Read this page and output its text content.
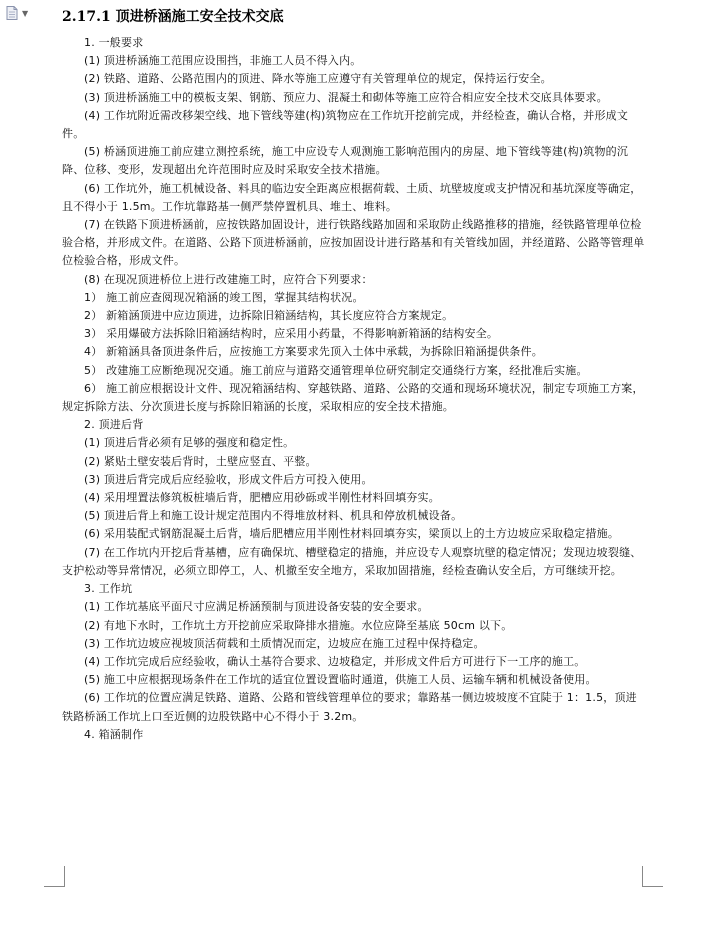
▼ 2.17.1 顶进桥涵施工安全技术交底

1. 一般要求

(1) 顶进桥涵施工范围应设围挡，非施工人员不得入内。

(2) 铁路、道路、公路范围内的顶进、降水等施工应遵守有关管理单位的规定，保持运行安全。

(3) 顶进桥涵施工中的模板支架、钢筋、预应力、混凝土和砌体等施工应符合相应安全技术交底具体要求。

(4) 工作坑附近需改移架空线、地下管线等建(构)筑物应在工作坑开挖前完成，并经检查，确认合格，并形成文件。

(5) 桥涵顶进施工前应建立测控系统，施工中应设专人观测施工影响范围内的房屋、地下管线等建(构)筑物的沉降、位移、变形，发现超出允许范围时应及时采取安全技术措施。

(6) 工作坑外，施工机械设备、料具的临边安全距离应根据荷载、土质、坑壁坡度或支护情况和基坑深度等确定，且不得小于 1.5m。工作坑靠路基一侧严禁停置机具、堆土、堆料。

(7) 在铁路下顶进桥涵前，应按铁路加固设计，进行铁路线路加固和采取防止线路推移的措施，经铁路管理单位检验合格，并形成文件。在道路、公路下顶进桥涵前，应按加固设计进行路基和有关管线加固，并经道路、公路等管理单位检验合格，形成文件。

(8) 在现况顶进桥位上进行改建施工时，应符合下列要求：

1） 施工前应查阅现况箱涵的竣工图，掌握其结构状况。

2） 新箱涵顶进中应边顶进，边拆除旧箱涵结构，其长度应符合方案规定。

3） 采用爆破方法拆除旧箱涵结构时，应采用小药量，不得影响新箱涵的结构安全。

4） 新箱涵具备顶进条件后，应按施工方案要求先顶入土体中承载，为拆除旧箱涵提供条件。

5） 改建施工应断绝现况交通。施工前应与道路交通管理单位研究制定交通绕行方案，经批准后实施。

6） 施工前应根据设计文件、现况箱涵结构、穿越铁路、道路、公路的交通和现场环境状况，制定专项施工方案，规定拆除方法、分次顶进长度与拆除旧箱涵的长度，采取相应的安全技术措施。

2. 顶进后背

(1) 顶进后背必须有足够的强度和稳定性。

(2) 紧贴土壁安装后背时，土壁应竖直、平整。

(3) 顶进后背完成后应经验收，形成文件后方可投入使用。

(4) 采用埋置法修筑板桩墙后背，肥槽应用砂砾或半刚性材料回填夯实。

(5) 顶进后背上和施工设计规定范围内不得堆放材料、机具和停放机械设备。

(6) 采用装配式钢筋混凝土后背，墙后肥槽应用半刚性材料回填夯实，梁顶以上的土方边坡应采取稳定措施。

(7) 在工作坑内开挖后背基槽，应有确保坑、槽壁稳定的措施，并应设专人观察坑壁的稳定情况；发现边坡裂缝、支护松动等异常情况，必须立即停工，人、机撤至安全地方，采取加固措施，经检查确认安全后，方可继续开挖。

3. 工作坑

(1) 工作坑基底平面尺寸应满足桥涵预制与顶进设备安装的安全要求。

(2) 有地下水时，工作坑土方开挖前应采取降排水措施。水位应降至基底 50cm 以下。

(3) 工作坑边坡应视坡顶活荷载和土质情况而定，边坡应在施工过程中保持稳定。

(4) 工作坑完成后应经验收，确认土基符合要求、边坡稳定，并形成文件后方可进行下一工序的施工。

(5) 施工中应根据现场条件在工作坑的适宜位置设置临时通道，供施工人员、运输车辆和机械设备使用。

(6) 工作坑的位置应满足铁路、道路、公路和管线管理单位的要求；靠路基一侧边坡坡度不宜陡于 1：1.5，顶进铁路桥涵工作坑上口至近侧的边股铁路中心不得小于 3.2m。

4. 箱涵制作
